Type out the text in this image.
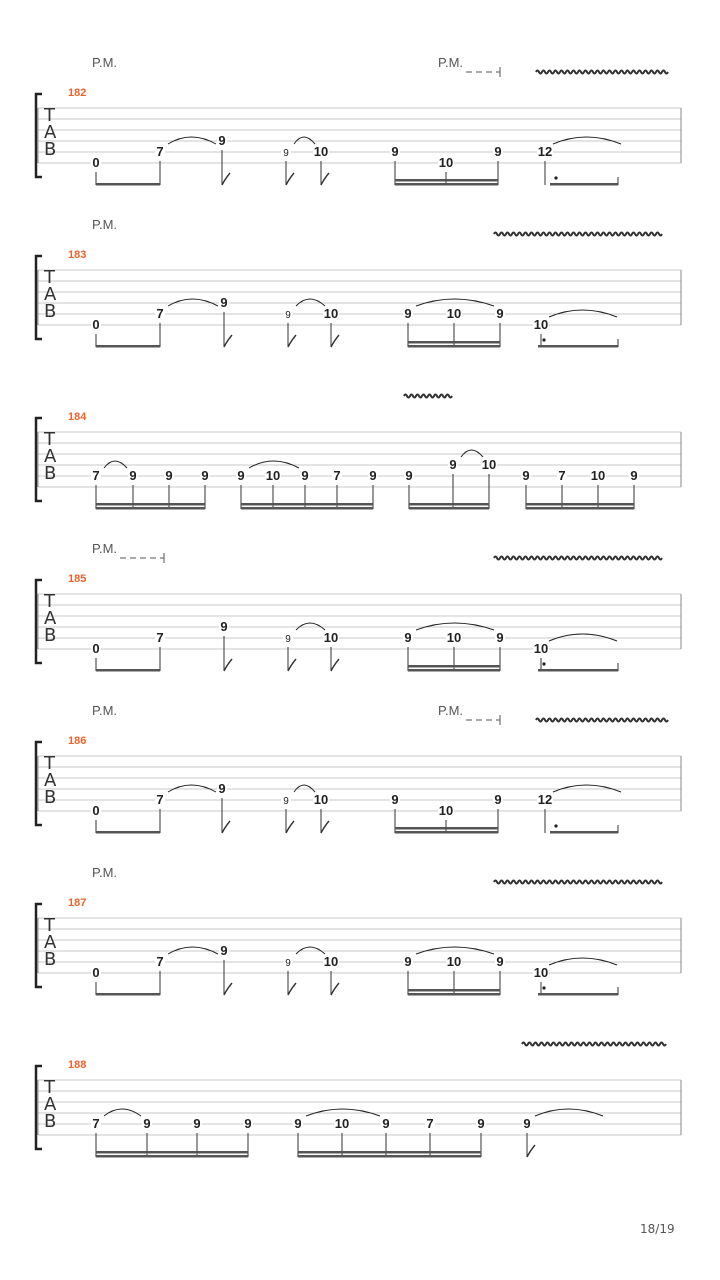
T
A
B
182
P.M.	P.M.
0
7
9
9 10	9
10
9	12
T
A
B
183
P.M.
0
7
9
9	10	9	10	9
10
T
A
B
184
7 9 9 9 9 10 9 7 9 9
9 10
9 7 10 9
T
A
B
185
P.M.
0
7
9
9	10	9	10	9
10
T
A
B
186
P.M.	P.M.
0
7
9
9 10	9
10
9	12
T
A
B
187
P.M.
0
7
9
9	10	9	10	9
10
T
A
B
188
7	9	9	9	9	10	9	7	9	9
18/19
